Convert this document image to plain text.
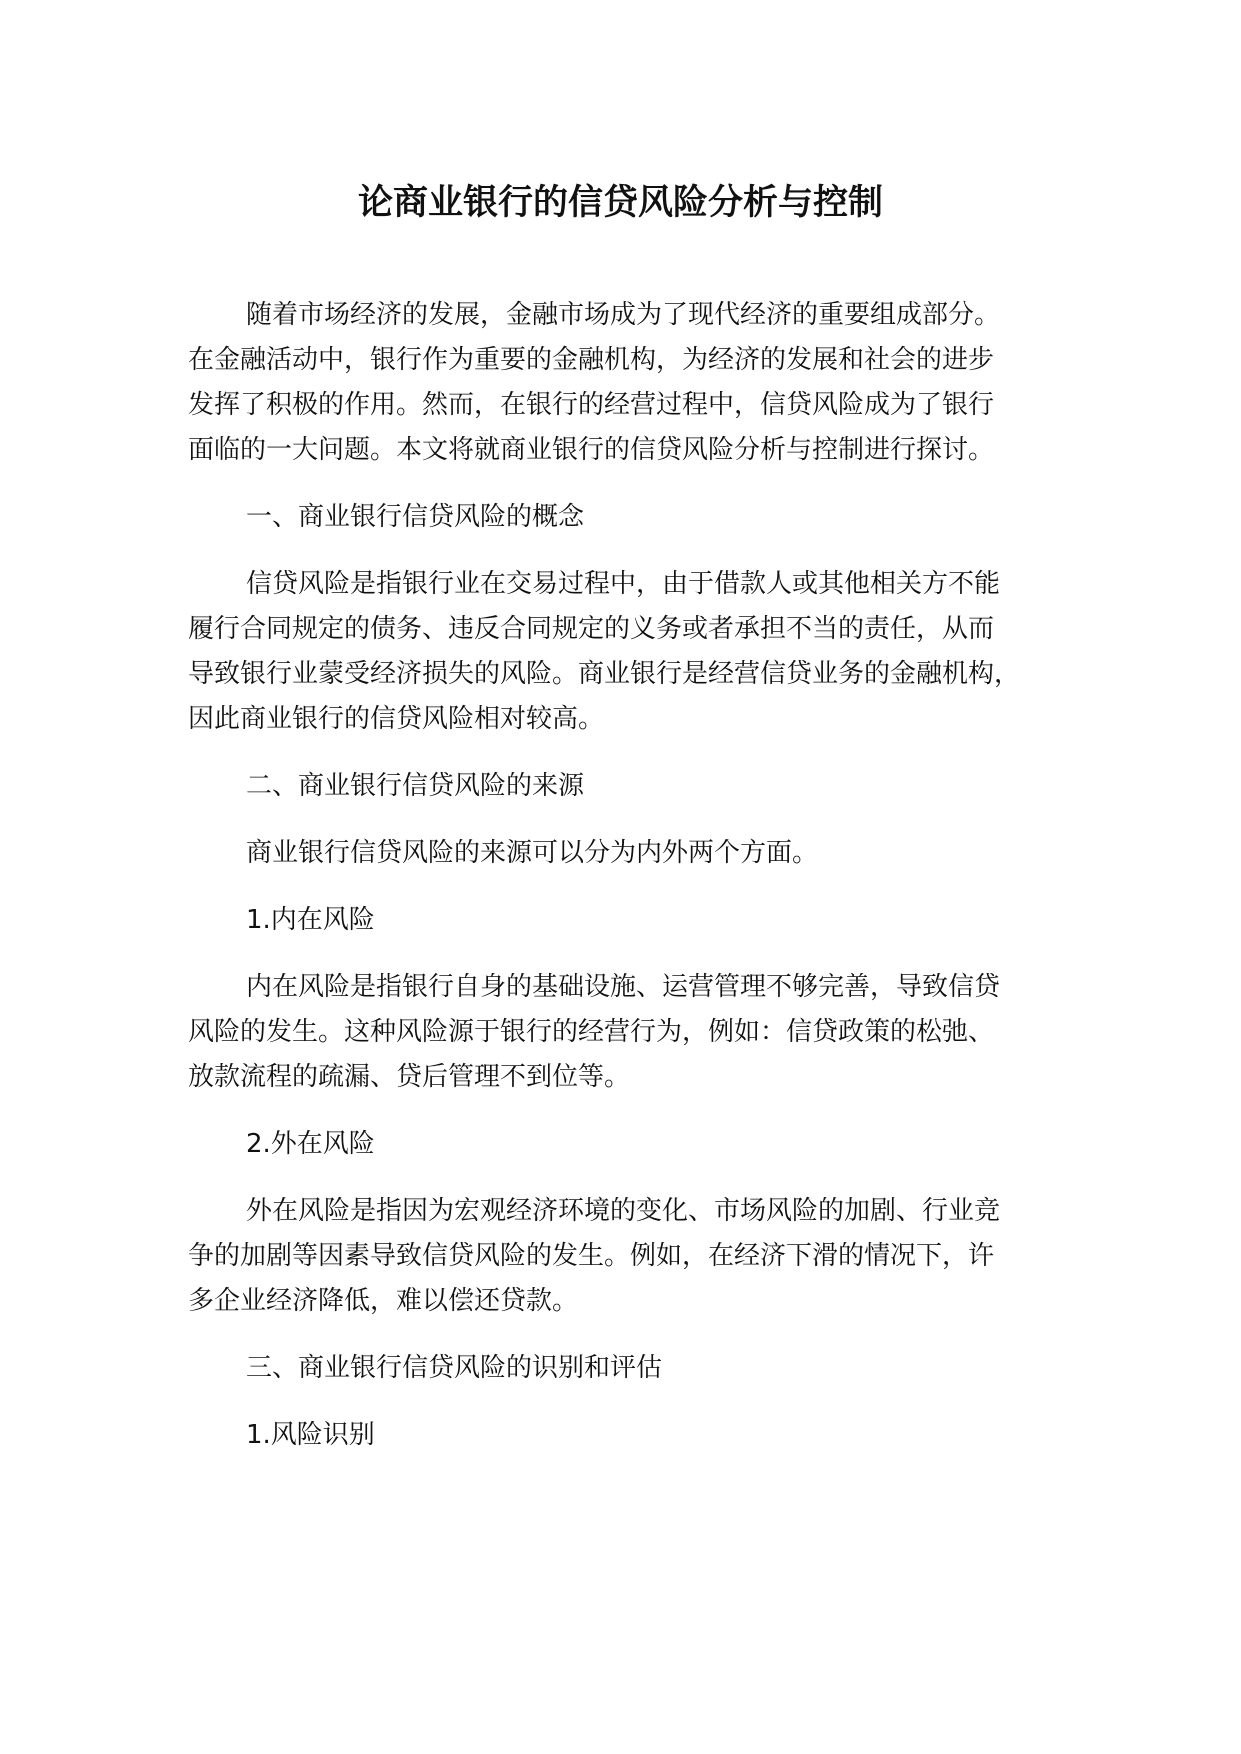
论商业银行的信贷风险分析与控制
随着市场经济的发展，金融市场成为了现代经济的重要组成部分。
在金融活动中，银行作为重要的金融机构，为经济的发展和社会的进步
发挥了积极的作用。然而，在银行的经营过程中，信贷风险成为了银行
面临的一大问题。本文将就商业银行的信贷风险分析与控制进行探讨。
一、商业银行信贷风险的概念
信贷风险是指银行业在交易过程中，由于借款人或其他相关方不能
履行合同规定的债务、违反合同规定的义务或者承担不当的责任，从而
导致银行业蒙受经济损失的风险。商业银行是经营信贷业务的金融机构，
因此商业银行的信贷风险相对较高。
二、商业银行信贷风险的来源
商业银行信贷风险的来源可以分为内外两个方面。
1.内在风险
内在风险是指银行自身的基础设施、运营管理不够完善，导致信贷
风险的发生。这种风险源于银行的经营行为，例如：信贷政策的松弛、
放款流程的疏漏、贷后管理不到位等。
2.外在风险
外在风险是指因为宏观经济环境的变化、市场风险的加剧、行业竞
争的加剧等因素导致信贷风险的发生。例如，在经济下滑的情况下，许
多企业经济降低，难以偿还贷款。
三、商业银行信贷风险的识别和评估
1.风险识别
